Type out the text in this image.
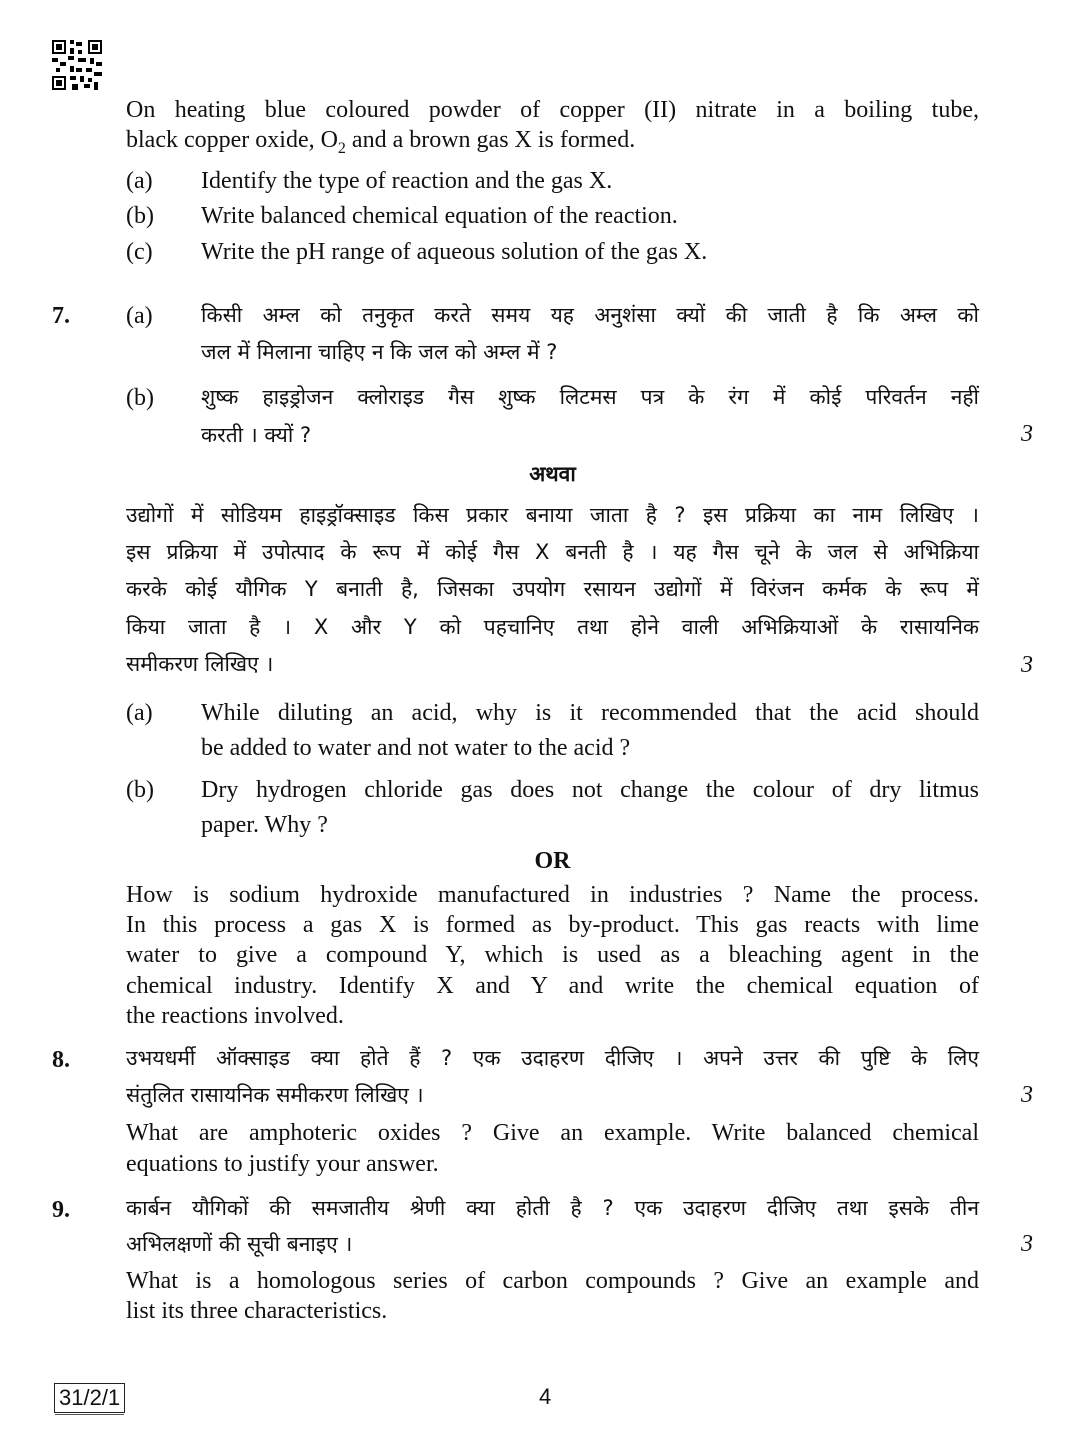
On heating blue coloured powder of copper (II) nitrate in a boiling tube,
black copper oxide, $O_2$ and a brown gas X is formed.
(a) Identify the type of reaction and the gas X.
(b) Write balanced chemical equation of the reaction.
(c) Write the pH range of aqueous solution of the gas X.
7. (a) किसी अम्ल को तनुकृत करते समय यह अनुशंसा क्यों की जाती है कि अम्ल को
जल में मिलाना चाहिए न कि जल को अम्ल में ?
(b) शुष्क हाइड्रोजन क्लोराइड गैस शुष्क लिटमस पत्र के रंग में कोई परिवर्तन नहीं
करती । क्यों ?	3
अथवा
उद्योगों में सोडियम हाइड्रॉक्साइड किस प्रकार बनाया जाता है ? इस प्रक्रिया का नाम लिखिए ।
इस प्रक्रिया में उपोत्पाद के रूप में कोई गैस X बनती है । यह गैस चूने के जल से अभिक्रिया
करके कोई यौगिक Y बनाती है, जिसका उपयोग रसायन उद्योगों में विरंजन कर्मक के रूप में
किया जाता है । X और Y को पहचानिए तथा होने वाली अभिक्रियाओं के रासायनिक
समीकरण लिखिए ।	3
(a) While diluting an acid, why is it recommended that the acid should
be added to water and not water to the acid ?
(b) Dry hydrogen chloride gas does not change the colour of dry litmus
paper. Why ?
OR
How is sodium hydroxide manufactured in industries ? Name the process.
In this process a gas X is formed as by-product. This gas reacts with lime
water to give a compound Y, which is used as a bleaching agent in the
chemical industry. Identify X and Y and write the chemical equation of
the reactions involved.
8.	उभयधर्मी ऑक्साइड क्या होते हैं ? एक उदाहरण दीजिए । अपने उत्तर की पुष्टि के लिए
संतुलित रासायनिक समीकरण लिखिए ।	3
What are amphoteric oxides ? Give an example. Write balanced chemical
equations to justify your answer.
9.	कार्बन यौगिकों की समजातीय श्रेणी क्या होती है ? एक उदाहरण दीजिए तथा इसके तीन
अभिलक्षणों की सूची बनाइए ।	3
What is a homologous series of carbon compounds ? Give an example and
list its three characteristics.
31/2/1	4
